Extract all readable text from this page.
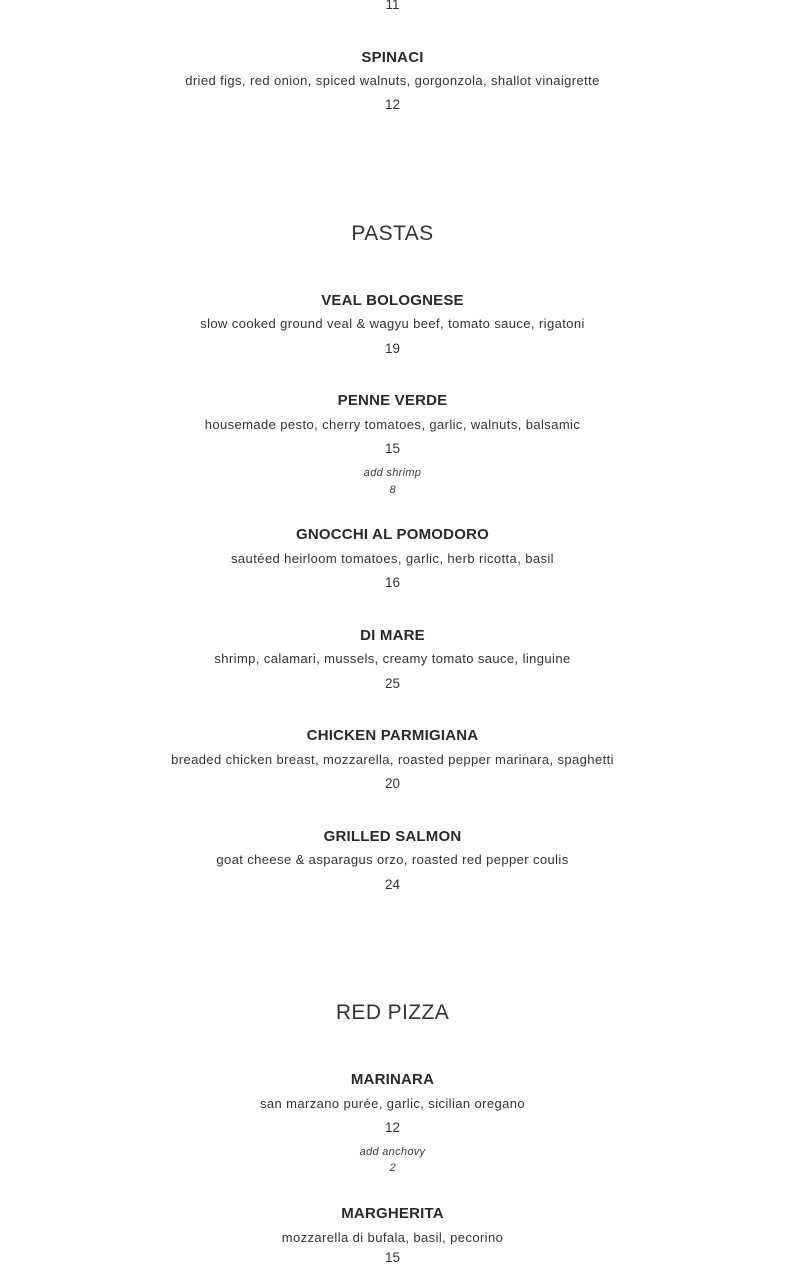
11
SPINACI
dried figs, red onion, spiced walnuts, gorgonzola, shallot vinaigrette
12
PASTAS
VEAL BOLOGNESE
slow cooked ground veal & wagyu beef, tomato sauce, rigatoni
19
PENNE VERDE
housemade pesto, cherry tomatoes, garlic, walnuts, balsamic
15
add shrimp
8
GNOCCHI AL POMODORO
sautéed heirloom tomatoes, garlic, herb ricotta, basil
16
DI MARE
shrimp, calamari, mussels, creamy tomato sauce, linguine
25
CHICKEN PARMIGIANA
breaded chicken breast, mozzarella, roasted pepper marinara, spaghetti
20
GRILLED SALMON
goat cheese & asparagus orzo, roasted red pepper coulis
24
RED PIZZA
MARINARA
san marzano purée, garlic, sicilian oregano
12
add anchovy
2
MARGHERITA
mozzarella di bufala, basil, pecorino
15
